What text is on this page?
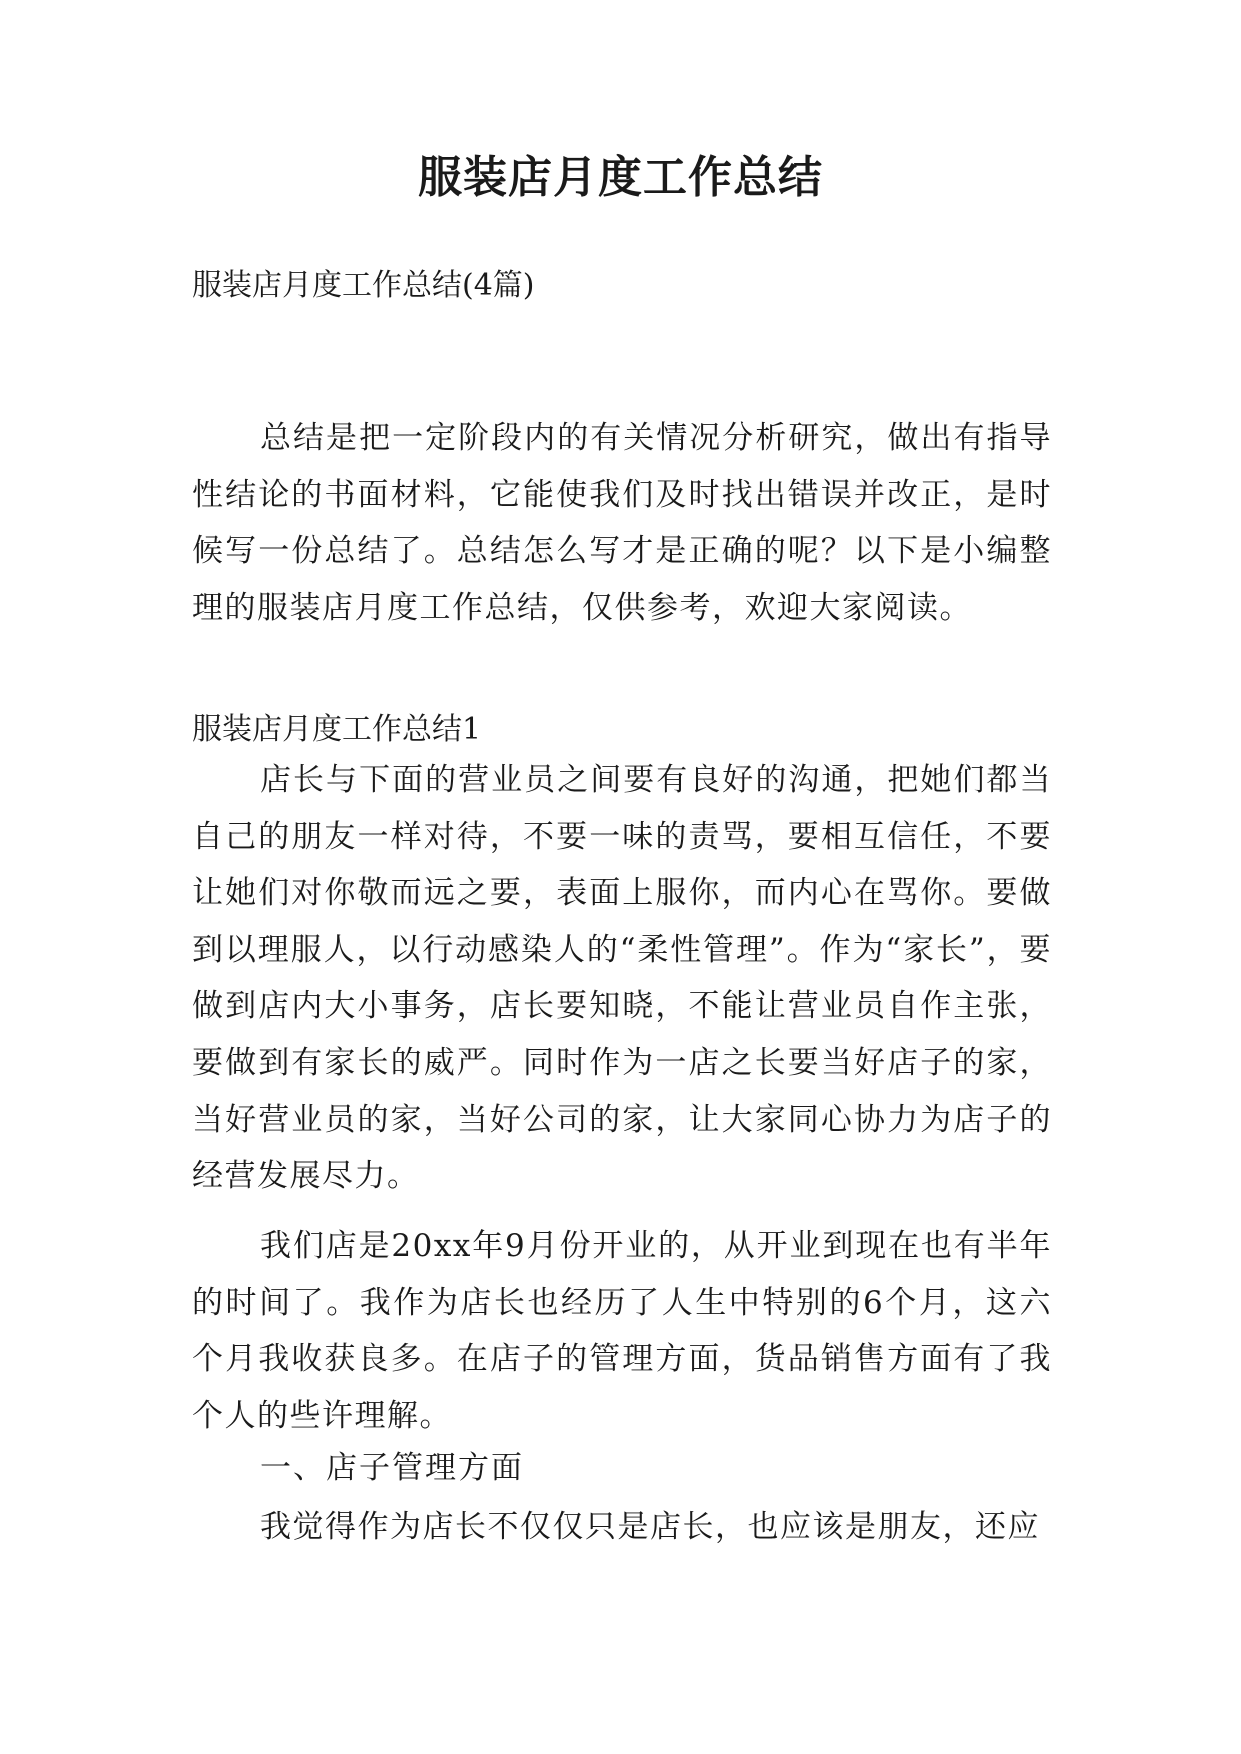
服装店月度工作总结

服装店月度工作总结(4篇)

总结是把一定阶段内的有关情况分析研究，做出有指导性结论的书面材料，它能使我们及时找出错误并改正，是时候写一份总结了。总结怎么写才是正确的呢？以下是小编整理的服装店月度工作总结，仅供参考，欢迎大家阅读。

服装店月度工作总结1

店长与下面的营业员之间要有良好的沟通，把她们都当自己的朋友一样对待，不要一味的责骂，要相互信任，不要让她们对你敬而远之要，表面上服你，而内心在骂你。要做到以理服人，以行动感染人的“柔性管理”。作为“家长”，要做到店内大小事务，店长要知晓，不能让营业员自作主张，要做到有家长的威严。同时作为一店之长要当好店子的家，当好营业员的家，当好公司的家，让大家同心协力为店子的经营发展尽力。

我们店是20xx年9月份开业的，从开业到现在也有半年的时间了。我作为店长也经历了人生中特别的6个月，这六个月我收获良多。在店子的管理方面，货品销售方面有了我个人的些许理解。

一、店子管理方面

我觉得作为店长不仅仅只是店长，也应该是朋友，还应
